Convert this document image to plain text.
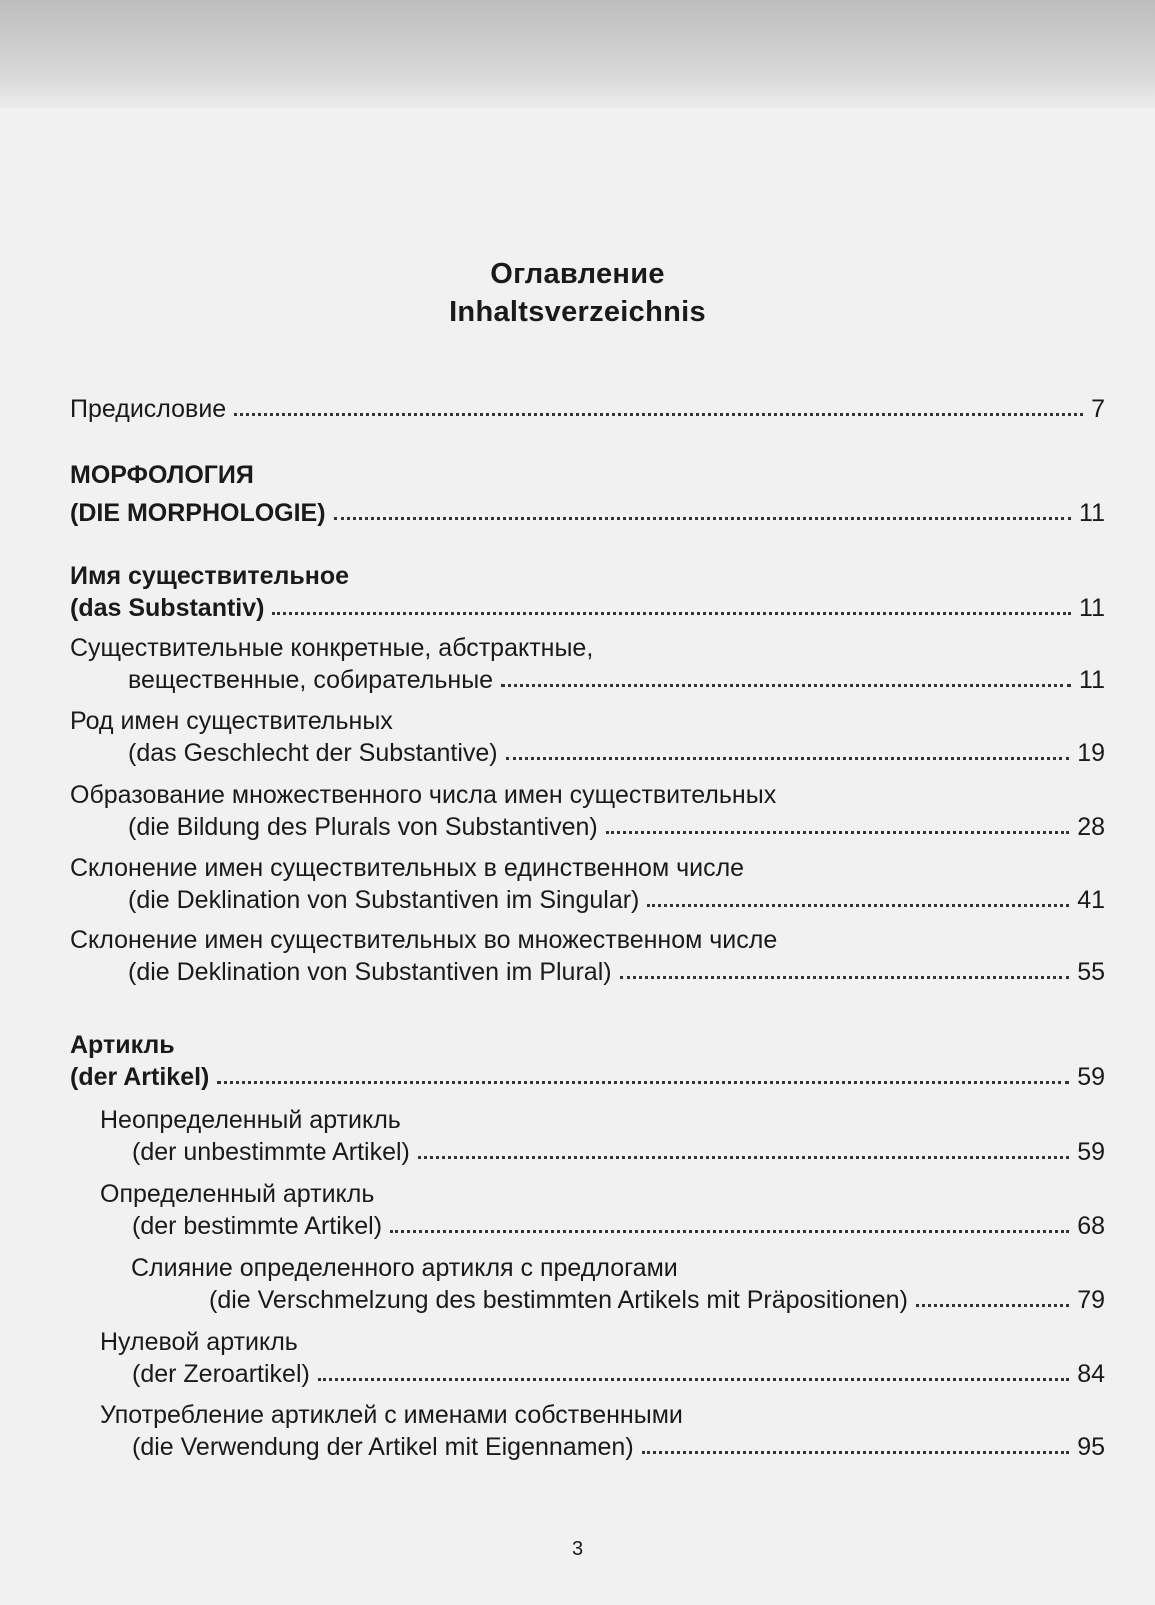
Оглавление
Inhaltsverzeichnis
Предисловие	7
МОРФОЛОГИЯ
(DIE MORPHOLOGIE)	11
Имя существительное
(das Substantiv)	11
Существительные конкретные, абстрактные,
вещественные, собирательные	11
Род имен существительных
(das Geschlecht der Substantive)	19
Образование множественного числа имен существительных
(die Bildung des Plurals von Substantiven)	28
Склонение имен существительных в единственном числе
(die Deklination von Substantiven im Singular)	41
Склонение имен существительных во множественном числе
(die Deklination von Substantiven im Plural)	55
Артикль
(der Artikel)	59
Неопределенный артикль
(der unbestimmte Artikel)	59
Определенный артикль
(der bestimmte Artikel)	68
Слияние определенного артикля с предлогами
(die Verschmelzung des bestimmten Artikels mit Präpositionen)	79
Нулевой артикль
(der Zeroartikel)	84
Употребление артиклей с именами собственными
(die Verwendung der Artikel mit Eigennamen)	95
3
